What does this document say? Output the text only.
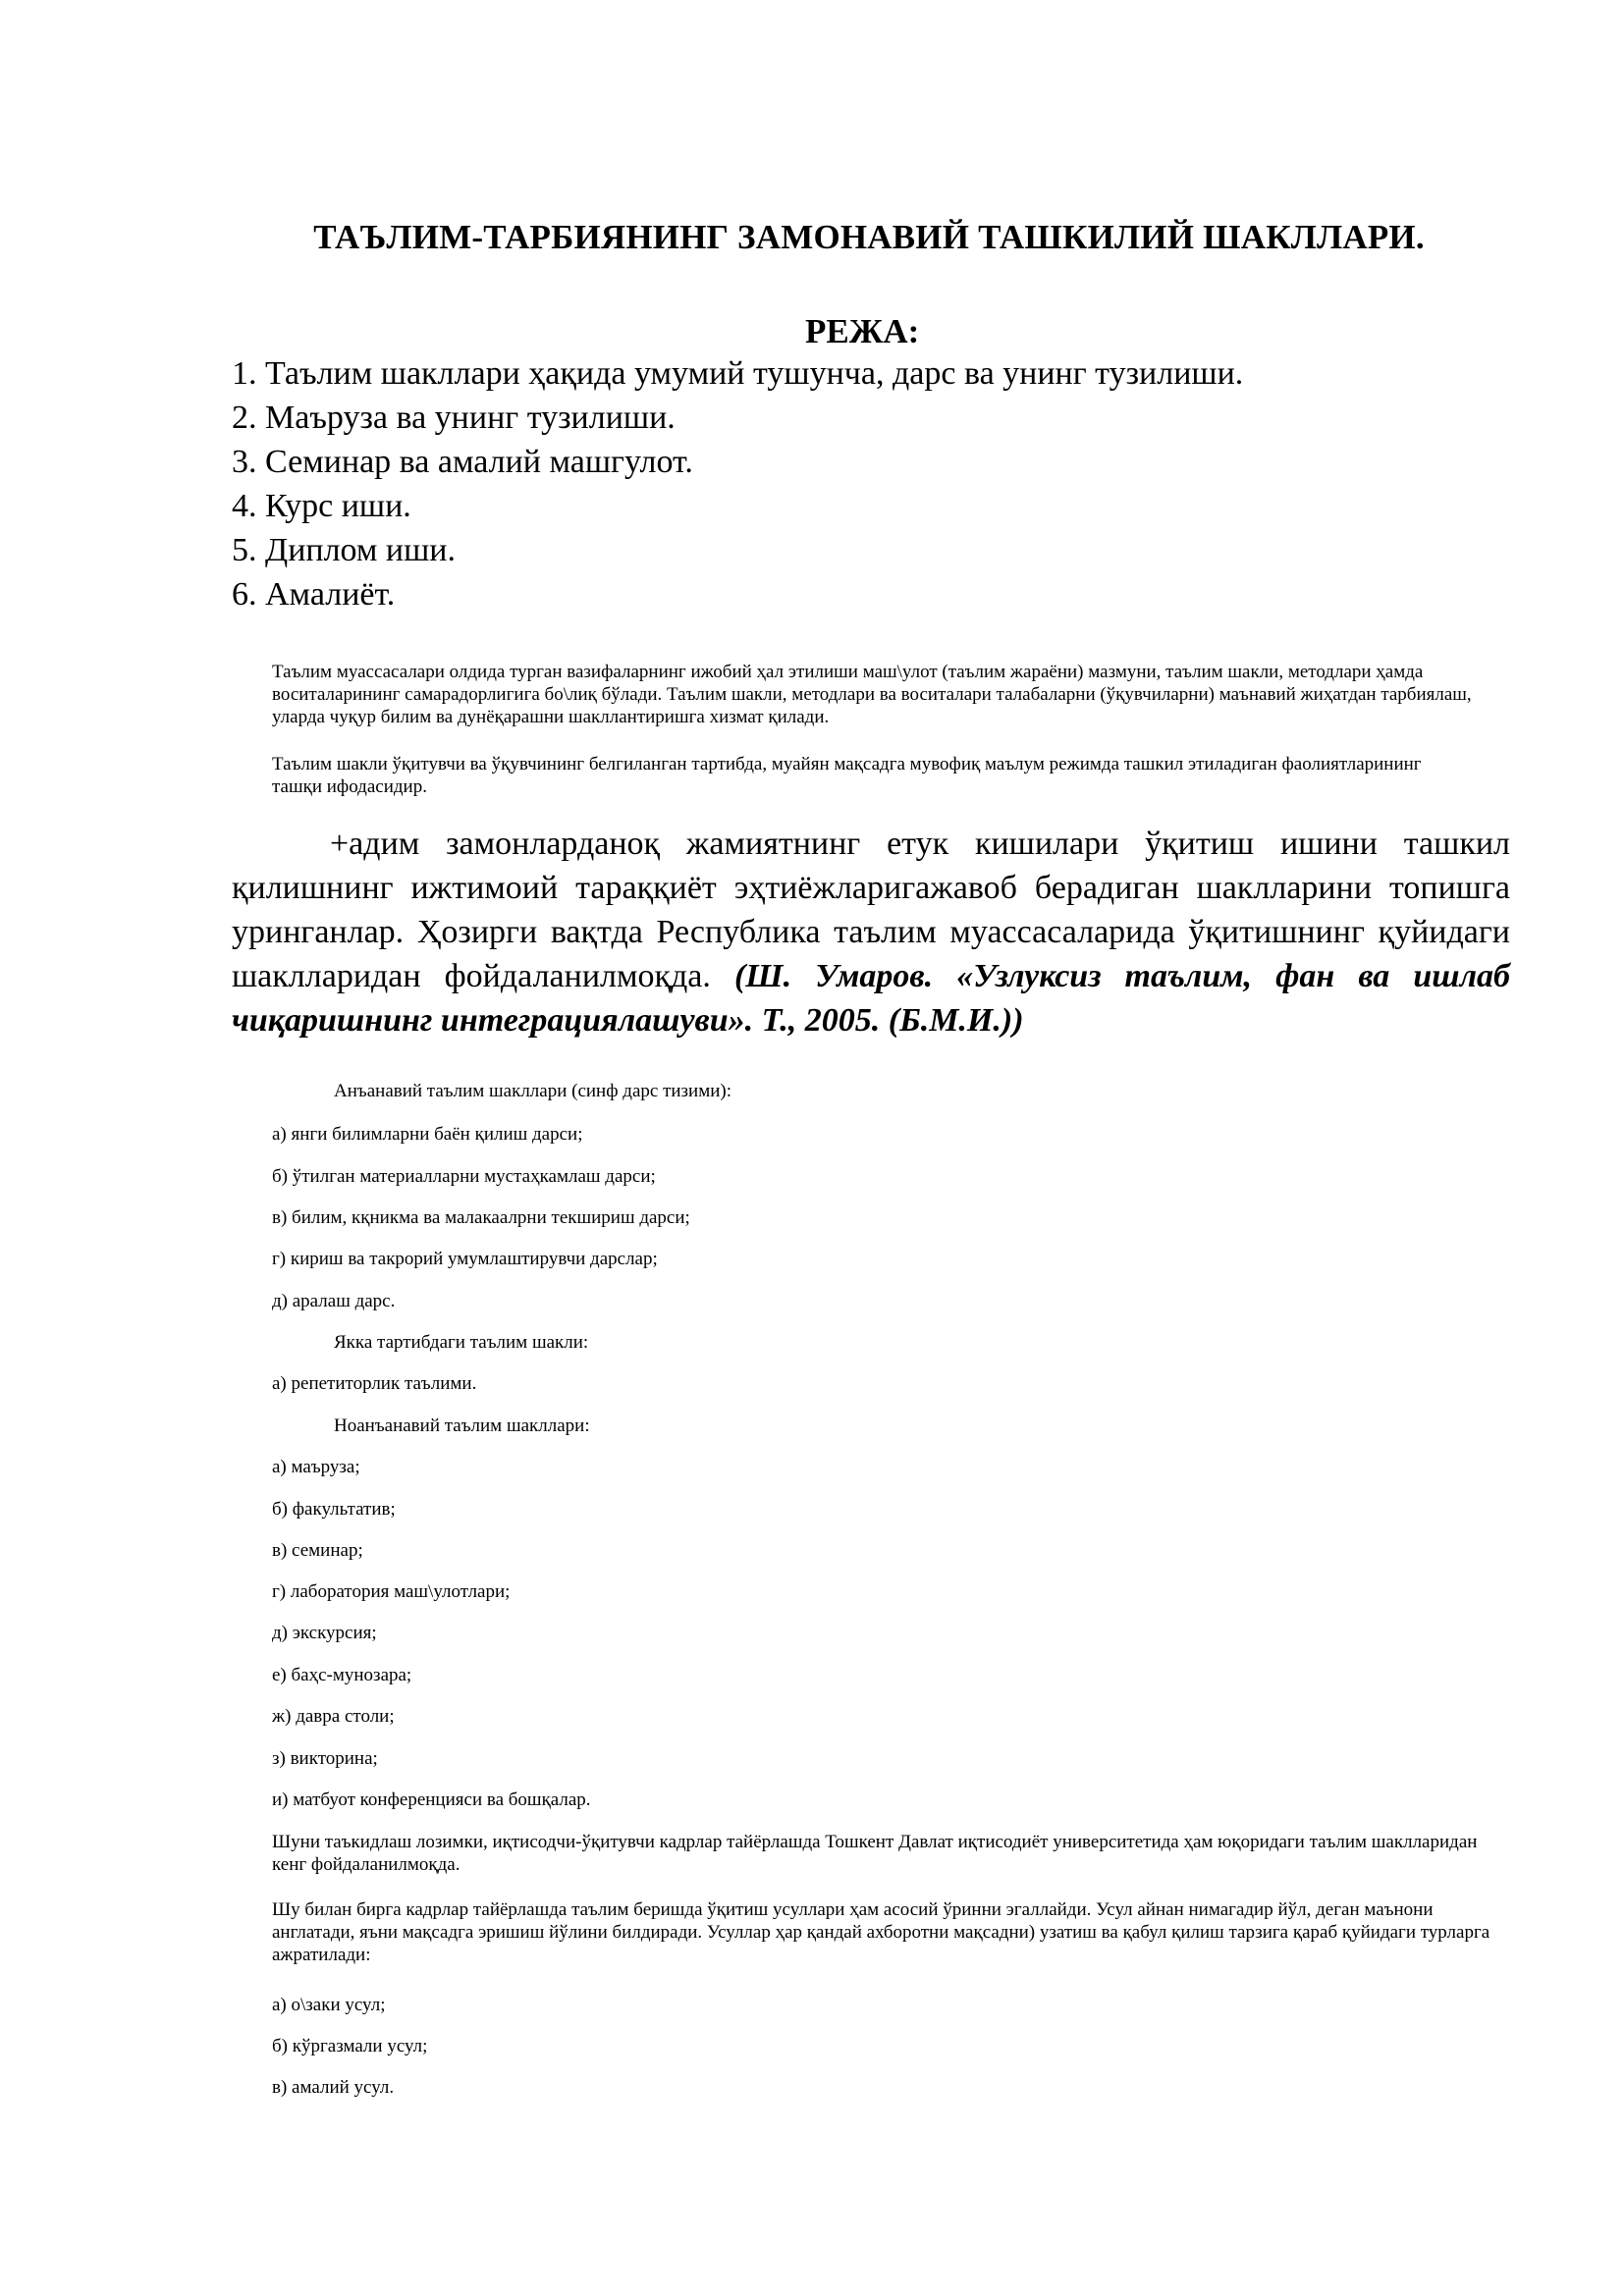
ТАЪЛИМ-ТАРБИЯНИНГ ЗАМОНАВИЙ ТАШКИЛИЙ ШАКЛЛАРИ.
РЕЖА:
1. Таълим шакллари ҳақида умумий тушунча, дарс ва унинг тузилиши.
2. Маъруза ва унинг тузилиши.
3. Семинар ва амалий машгулот.
4. Курс иши.
5. Диплом иши.
6. Амалиёт.

Таълим муассасалари олдида турган вазифаларнинг ижобий ҳал этилиши маш\улот (таълим жараёни) мазмуни, таълим шакли, методлари ҳамда воситаларининг самарадорлигига бо\лиқ бўлади. Таълим шакли, методлари ва воситалари талабаларни (ўқувчиларни) маънавий жиҳатдан тарбиялаш, уларда чуқур билим ва дунёқарашни шакллантиришга хизмат қилади.

Таълим шакли ўқитувчи ва ўқувчининг белгиланган тартибда, муайян мақсадга мувофиқ маълум режимда ташкил этиладиган фаолиятларининг ташқи ифодасидир.

+адим замонларданоқ жамиятнинг етук кишилари ўқитиш ишини ташкил қилишнинг ижтимоий тараққиёт эҳтиёжларигажавоб берадиган шаклларини топишга уринганлар. Ҳозирги вақтда Республика таълим муассасаларида ўқитишнинг қуйидаги шаклларидан фойдаланилмоқда. (Ш. Умаров. «Узлуксиз таълим, фан ва ишлаб чиқаришнинг интеграциялашуви». Т., 2005. (Б.М.И.))

Анъанавий таълим шакллари (синф дарс тизими):
а) янги билимларни баён қилиш дарси;
б) ўтилган материалларни мустаҳкамлаш дарси;
в) билим, кқникма ва малакаалрни текшириш дарси;
г) кириш ва такрорий умумлаштирувчи дарслар;
д) аралаш дарс.
Якка тартибдаги таълим шакли:
а) репетиторлик таълими.
Ноанъанавий таълим шакллари:
а) маъруза;
б) факультатив;
в) семинар;
г) лаборатория маш\улотлари;
д) экскурсия;
е) баҳс-мунозара;
ж) давра столи;
з) викторина;
и) матбуот конференцияси ва бошқалар.

Шуни таъкидлаш лозимки, иқтисодчи-ўқитувчи кадрлар тайёрлашда Тошкент Давлат иқтисодиёт университетида ҳам юқоридаги таълим шаклларидан кенг фойдаланилмоқда.

Шу билан бирга кадрлар тайёрлашда таълим беришда ўқитиш усуллари ҳам асосий ўринни эгаллайди. Усул айнан нимагадир йўл, деган маънони англатади, яъни мақсадга эришиш йўлини билдиради. Усуллар ҳар қандай ахборотни мақсадни) узатиш ва қабул қилиш тарзига қараб қуйидаги турларга ажратилади:

а) о\заки усул;
б) кўргазмали усул;
в) амалий усул.
